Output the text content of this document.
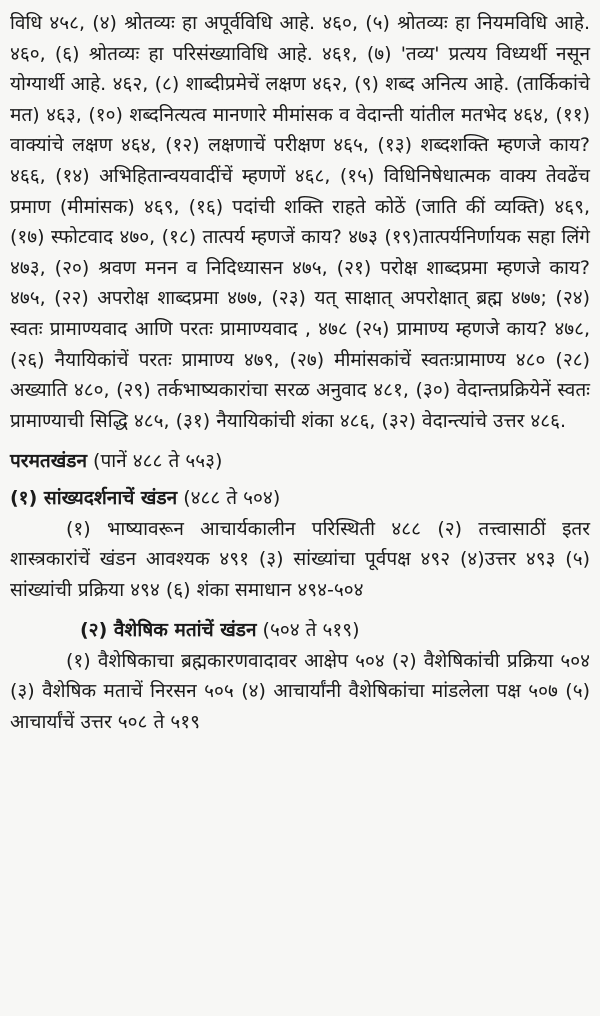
विधि ४५८, (४) श्रोतव्यः हा अपूर्वविधि आहे. ४६०, (५) श्रोतव्यः हा नियमविधि आहे. ४६०, (६) श्रोतव्यः हा परिसंख्याविधि आहे. ४६१, (७) 'तव्य' प्रत्यय विध्यर्थी नसून योग्यार्थी आहे. ४६२, (८) शाब्दीप्रमेचें लक्षण ४६२, (९) शब्द अनित्य आहे. (तार्किकांचे मत) ४६३, (१०) शब्दनित्यत्व मानणारे मीमांसक व वेदान्ती यांतील मतभेद ४६४, (११) वाक्यांचे लक्षण ४६४, (१२) लक्षणाचें परीक्षण ४६५, (१३) शब्दशक्ति म्हणजे काय?४६६, (१४) अभिहितान्वयवादींचें म्हणणें ४६८, (१५) विधिनिषेधात्मक वाक्य तेवढेंच प्रमाण (मीमांसक) ४६९, (१६) पदांची शक्ति राहते कोठें (जाति कीं व्यक्ति) ४६९, (१७) स्फोटवाद ४७०, (१८) तात्पर्य म्हणजें काय? ४७३ (१९)तात्पर्यनिर्णायक सहा लिंगे ४७३, (२०) श्रवण मनन व निदिध्यासन ४७५, (२१) परोक्ष शाब्दप्रमा म्हणजे काय? ४७५, (२२) अपरोक्ष शाब्दप्रमा ४७७, (२३) यत् साक्षात् अपरोक्षात् ब्रह्म ४७७; (२४) स्वतः प्रामाण्यवाद आणि परतः प्रामाण्यवाद , ४७८ (२५) प्रामाण्य म्हणजे काय? ४७८, (२६) नैयायिकांचें परतः प्रामाण्य ४७९, (२७) मीमांसकांचें स्वतःप्रामाण्य ४८० (२८) अख्याति ४८०, (२९) तर्कभाष्यकारांचा सरळ अनुवाद ४८१, (३०) वेदान्तप्रक्रियेनें स्वतः प्रामाण्याची सिद्धि ४८५, (३१) नैयायिकांची शंका ४८६, (३२) वेदान्त्यांचे उत्तर ४८६.

परमतखंडन (पानें ४८८ ते ५५३)
(१) सांख्यदर्शनाचें खंडन (४८८ ते ५०४)

(१) भाष्यावरून आचार्यकालीन परिस्थिती ४८८ (२) तत्त्वासाठीं इतर शास्त्रकारांचें खंडन आवश्यक ४९१ (३) सांख्यांचा पूर्वपक्ष ४९२ (४)उत्तर ४९३ (५) सांख्यांची प्रक्रिया ४९४ (६) शंका समाधान ४९४-५०४

(२) वैशेषिक मतांचें खंडन (५०४ ते ५१९)

(१) वैशेषिकाचा ब्रह्मकारणवादावर आक्षेप ५०४ (२) वैशेषिकांची प्रक्रिया ५०४ (३) वैशेषिक मताचें निरसन ५०५ (४) आचार्यांनी वैशेषिकांचा मांडलेला पक्ष ५०७ (५) आचार्यांचें उत्तर ५०८ ते ५१९
